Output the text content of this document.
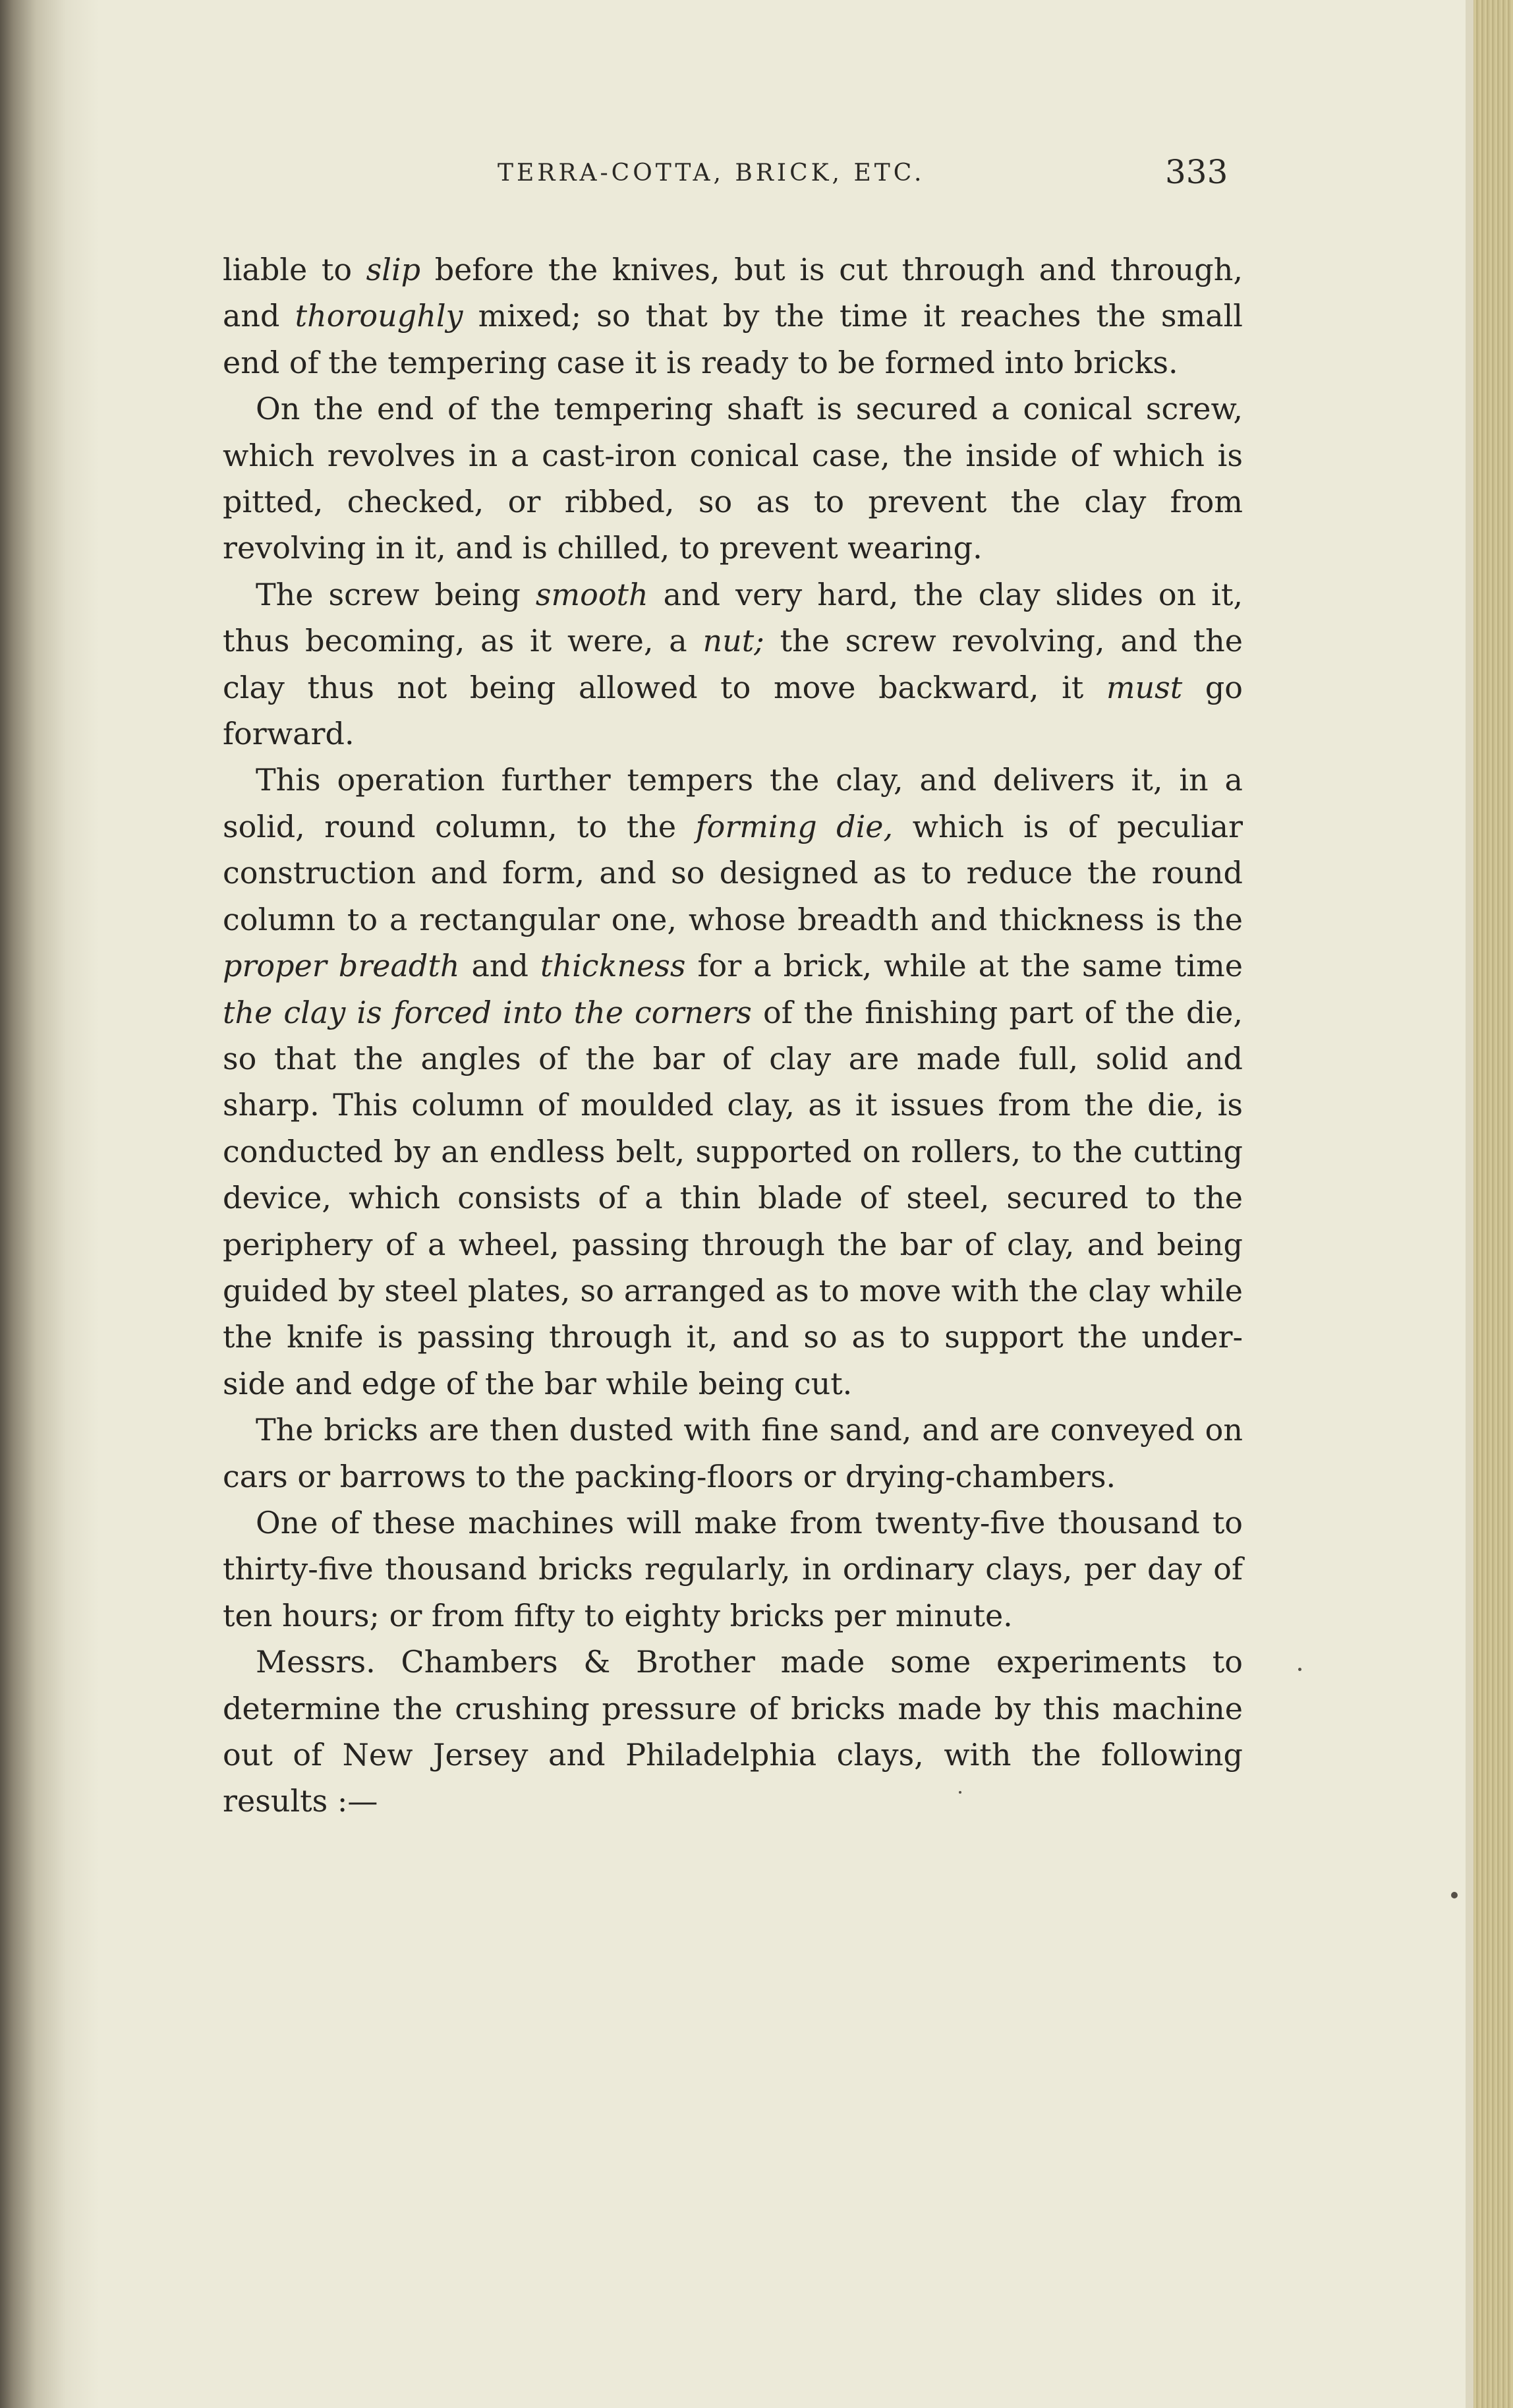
TERRA-COTTA, BRICK, ETC.	333

liable to slip before the knives, but is cut through and through, and thoroughly mixed; so that by the time it reaches the small end of the tempering case it is ready to be formed into bricks.

On the end of the tempering shaft is secured a conical screw, which revolves in a cast-iron conical case, the inside of which is pitted, checked, or ribbed, so as to prevent the clay from revolving in it, and is chilled, to prevent wearing.

The screw being smooth and very hard, the clay slides on it, thus becoming, as it were, a nut; the screw revolving, and the clay thus not being allowed to move backward, it must go forward.

This operation further tempers the clay, and delivers it, in a solid, round column, to the forming die, which is of peculiar construction and form, and so designed as to reduce the round column to a rectangular one, whose breadth and thickness is the proper breadth and thickness for a brick, while at the same time the clay is forced into the corners of the finishing part of the die, so that the angles of the bar of clay are made full, solid and sharp. This column of moulded clay, as it issues from the die, is conducted by an endless belt, supported on rollers, to the cutting device, which consists of a thin blade of steel, secured to the periphery of a wheel, passing through the bar of clay, and being guided by steel plates, so arranged as to move with the clay while the knife is passing through it, and so as to support the under-side and edge of the bar while being cut.

The bricks are then dusted with fine sand, and are conveyed on cars or barrows to the packing-floors or drying-chambers.

One of these machines will make from twenty-five thousand to thirty-five thousand bricks regularly, in ordinary clays, per day of ten hours; or from fifty to eighty bricks per minute.

Messrs. Chambers & Brother made some experiments to determine the crushing pressure of bricks made by this machine out of New Jersey and Philadelphia clays, with the following results :—
